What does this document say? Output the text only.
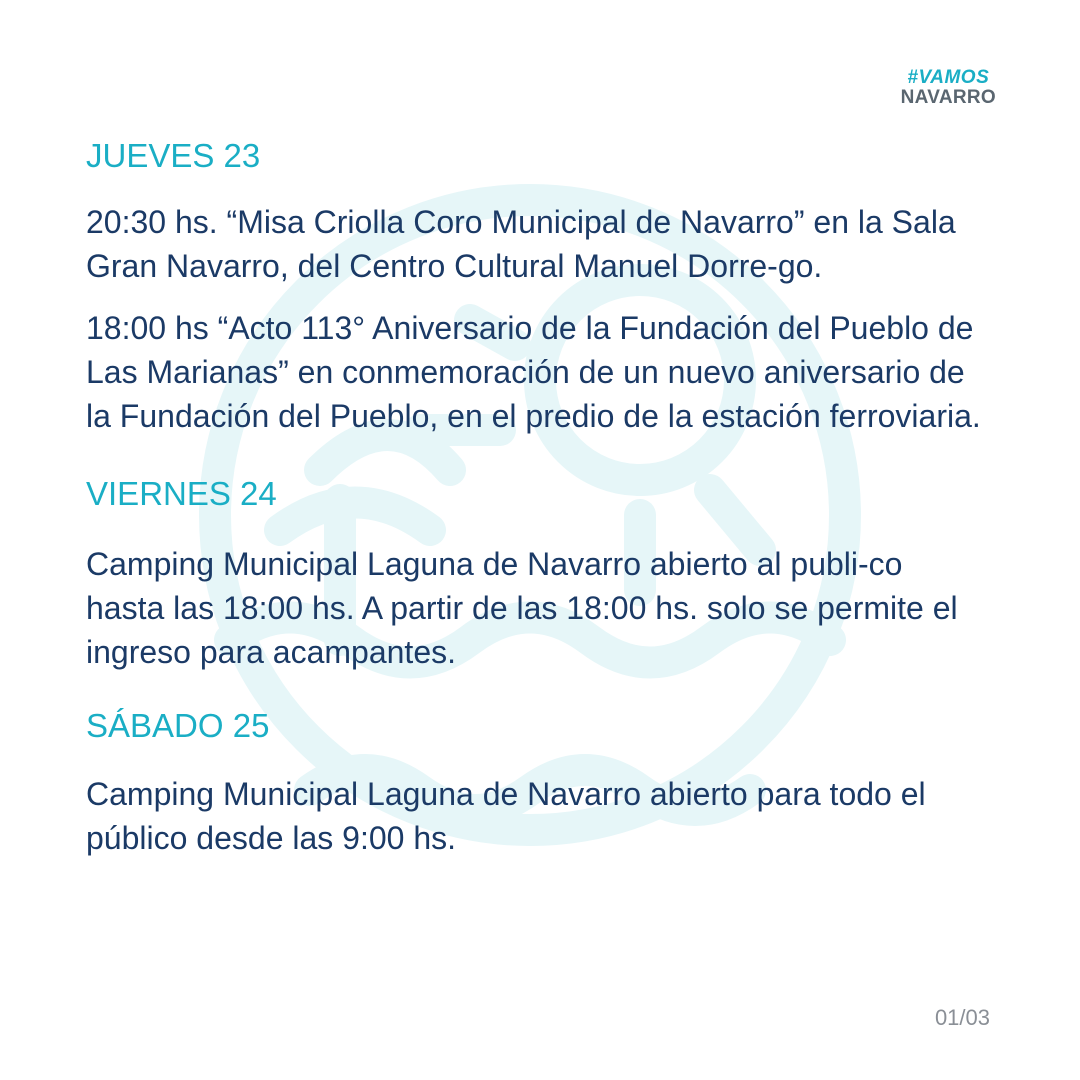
#VAMOS
NAVARRO

JUEVES 23

20:30 hs. “Misa Criolla Coro Municipal de Navarro” en la Sala Gran Navarro, del Centro Cultural Manuel Dorre-go.

18:00 hs “Acto 113° Aniversario de la Fundación del Pueblo de Las Marianas” en conmemoración de un nuevo aniversario de la Fundación del Pueblo, en el predio de la estación ferroviaria.

VIERNES 24

Camping Municipal Laguna de Navarro abierto al publi-co hasta las 18:00 hs. A partir de las 18:00 hs. solo se permite el ingreso para acampantes.

SÁBADO 25

Camping Municipal Laguna de Navarro abierto para todo el público desde las 9:00 hs.

01/03
